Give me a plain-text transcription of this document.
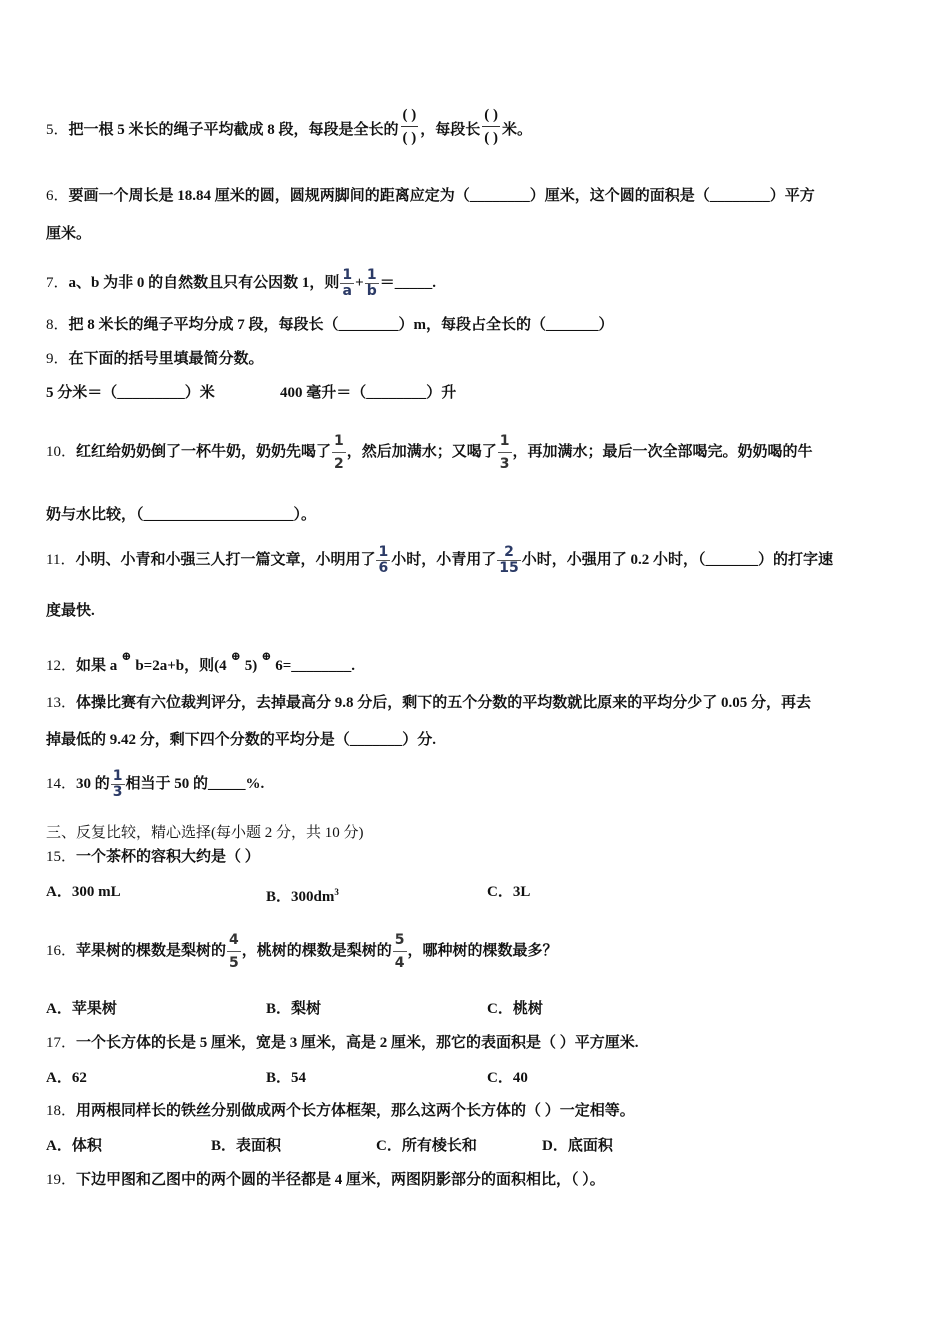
5．把一根 5 米长的绳子平均截成 8 段，每段是全长的 $\frac{( )}{( )}$ ，每段长 $\frac{( )}{( )}$ 米。
6．要画一个周长是 18.84 厘米的圆，圆规两脚间的距离应定为（________）厘米，这个圆的面积是（________）平方
厘米。
7．a、b 为非 0 的自然数且只有公因数 1，则 $\frac{1}{a} + \frac{1}{b}$ ＝_____.
8．把 8 米长的绳子平均分成 7 段，每段长（________）m，每段占全长的（_______）
9．在下面的括号里填最简分数。
5 分米＝（_________）米	400 毫升＝（________）升
10．红红给奶奶倒了一杯牛奶，奶奶先喝了 $\frac{1}{2}$ ，然后加满水；又喝了 $\frac{1}{3}$ ，再加满水；最后一次全部喝完。奶奶喝的牛
奶与水比较，（____________________）。
11．小明、小青和小强三人打一篇文章，小明用了 $\frac{1}{6}$ 小时，小青用了 $\frac{2}{15}$ 小时，小强用了 0.2 小时，（_______）的打字速
度最快.
12．如果 a⊕b=2a+b，则(4⊕5)⊕6=________.
13．体操比赛有六位裁判评分，去掉最高分 9.8 分后，剩下的五个分数的平均数就比原来的平均分少了 0.05 分，再去
掉最低的 9.42 分，剩下四个分数的平均分是（_______）分.
14．30 的 $\frac{1}{3}$ 相当于 50 的_____%.
三、反复比较，精心选择(每小题 2 分，共 10 分)
15．一个茶杯的容积大约是（ ）
A．300 mL	B．$300dm^3$	C．3L
16．苹果树的棵数是梨树的 $\frac{4}{5}$ ，桃树的棵数是梨树的 $\frac{5}{4}$ ，哪种树的棵数最多？
A．苹果树	B．梨树	C．桃树
17．一个长方体的长是 5 厘米，宽是 3 厘米，高是 2 厘米，那它的表面积是（ ）平方厘米.
A．62	B．54	C．40
18．用两根同样长的铁丝分别做成两个长方体框架，那么这两个长方体的（ ）一定相等。
A．体积	B．表面积	C．所有棱长和	D．底面积
19．下边甲图和乙图中的两个圆的半径都是 4 厘米，两图阴影部分的面积相比，（ ）。
